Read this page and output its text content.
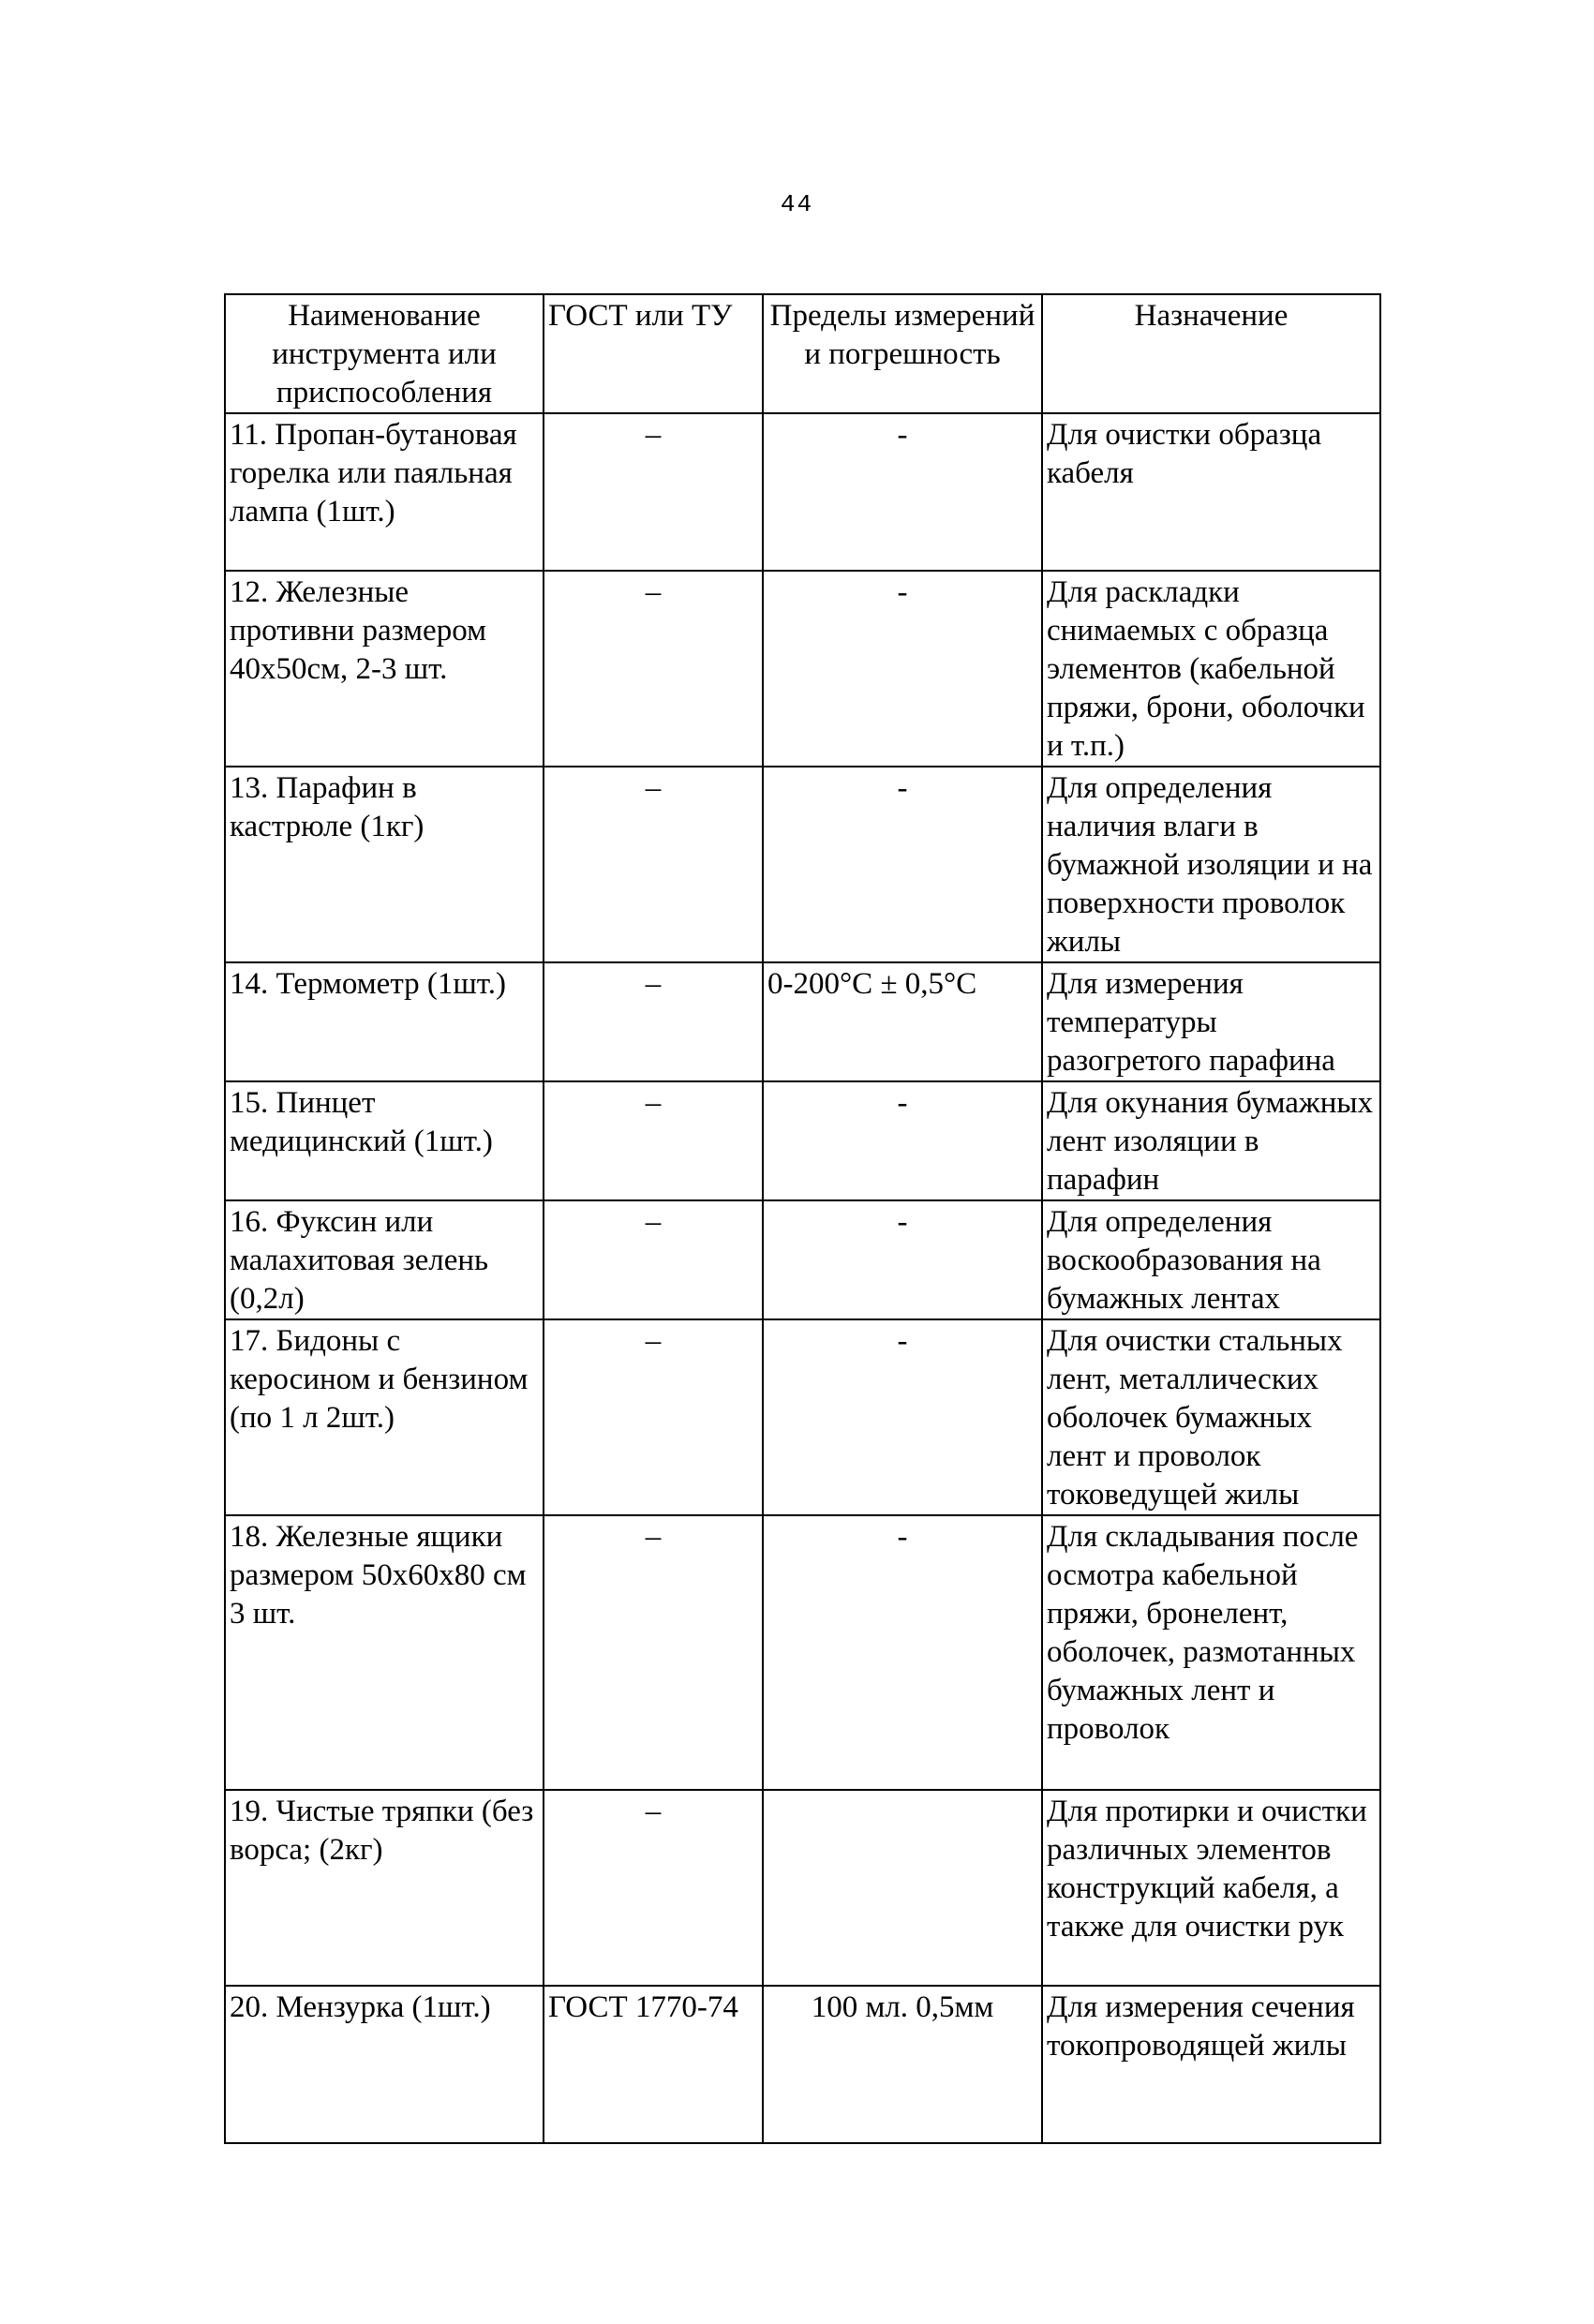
44
Наименование инструмента или приспособления	ГОСТ или ТУ	Пределы измерений и погрешность	Назначение
11. Пропан-бутановая горелка или паяльная лампа (1шт.)	–	-	Для очистки образца кабеля
12. Железные противни размером 40х50см, 2-3 шт.	–	-	Для раскладки снимаемых с образца элементов (кабельной пряжи, брони, оболочки и т.п.)
13. Парафин в кастрюле (1кг)	–	-	Для определения наличия влаги в бумажной изоляции и на поверхности проволок жилы
14. Термометр (1шт.)	–	0-200°С ± 0,5°С	Для измерения температуры разогретого парафина
15. Пинцет медицинский (1шт.)	–	-	Для окунания бумажных лент изоляции в парафин
16. Фуксин или малахитовая зелень (0,2л)	–	-	Для определения воскообразования на бумажных лентах
17. Бидоны с керосином и бензином (по 1 л 2шт.)	–	-	Для очистки стальных лент, металлических оболочек бумажных лент и проволок токоведущей жилы
18. Железные ящики размером 50х60х80 см 3 шт.	–	-	Для складывания после осмотра кабельной пряжи, бронелент, оболочек, размотанных бумажных лент и проволок
19. Чистые тряпки (без ворса; (2кг)	–		Для протирки и очистки различных элементов конструкций кабеля, а также для очистки рук
20. Мензурка (1шт.)	ГОСТ 1770-74	100 мл. 0,5мм	Для измерения сечения токопроводящей жилы
